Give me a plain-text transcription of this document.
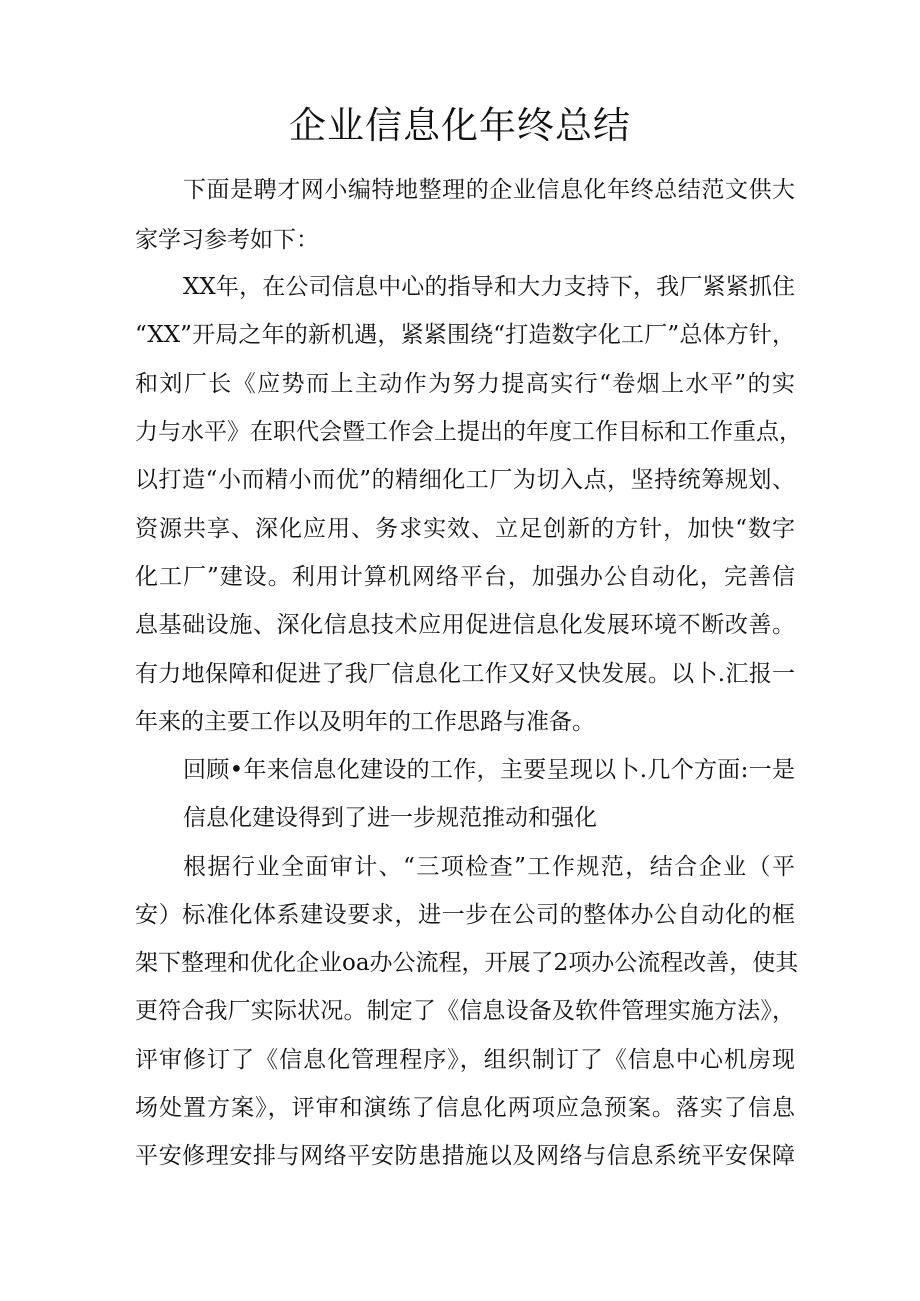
企业信息化年终总结
下面是聘才网小编特地整理的企业信息化年终总结范文供大
家学习参考如下：
XX年，在公司信息中心的指导和大力支持下，我厂紧紧抓住
“XX”开局之年的新机遇，紧紧围绕“打造数字化工厂”总体方针，
和刘厂长《应势而上主动作为努力提高实行“卷烟上水平”的实
力与水平》在职代会暨工作会上提出的年度工作目标和工作重点，
以打造“小而精小而优”的精细化工厂为切入点，坚持统筹规划、
资源共享、深化应用、务求实效、立足创新的方针，加快“数字
化工厂”建设。利用计算机网络平台，加强办公自动化，完善信
息基础设施、深化信息技术应用促进信息化发展环境不断改善。
有力地保障和促进了我厂信息化工作又好又快发展。以卜.汇报一
年来的主要工作以及明年的工作思路与准备。
回顾•年来信息化建设的工作，主要呈现以卜.几个方面:一是
信息化建设得到了进一步规范推动和强化
根据行业全面审计、“三项检查”工作规范，结合企业（平
安）标准化体系建设要求，进一步在公司的整体办公自动化的框
架下整理和优化企业oa办公流程，开展了2项办公流程改善，使其
更符合我厂实际状况。制定了《信息设备及软件管理实施方法》，
评审修订了《信息化管理程序》，组织制订了《信息中心机房现
场处置方案》，评审和演练了信息化两项应急预案。落实了信息
平安修理安排与网络平安防患措施以及网络与信息系统平安保障
